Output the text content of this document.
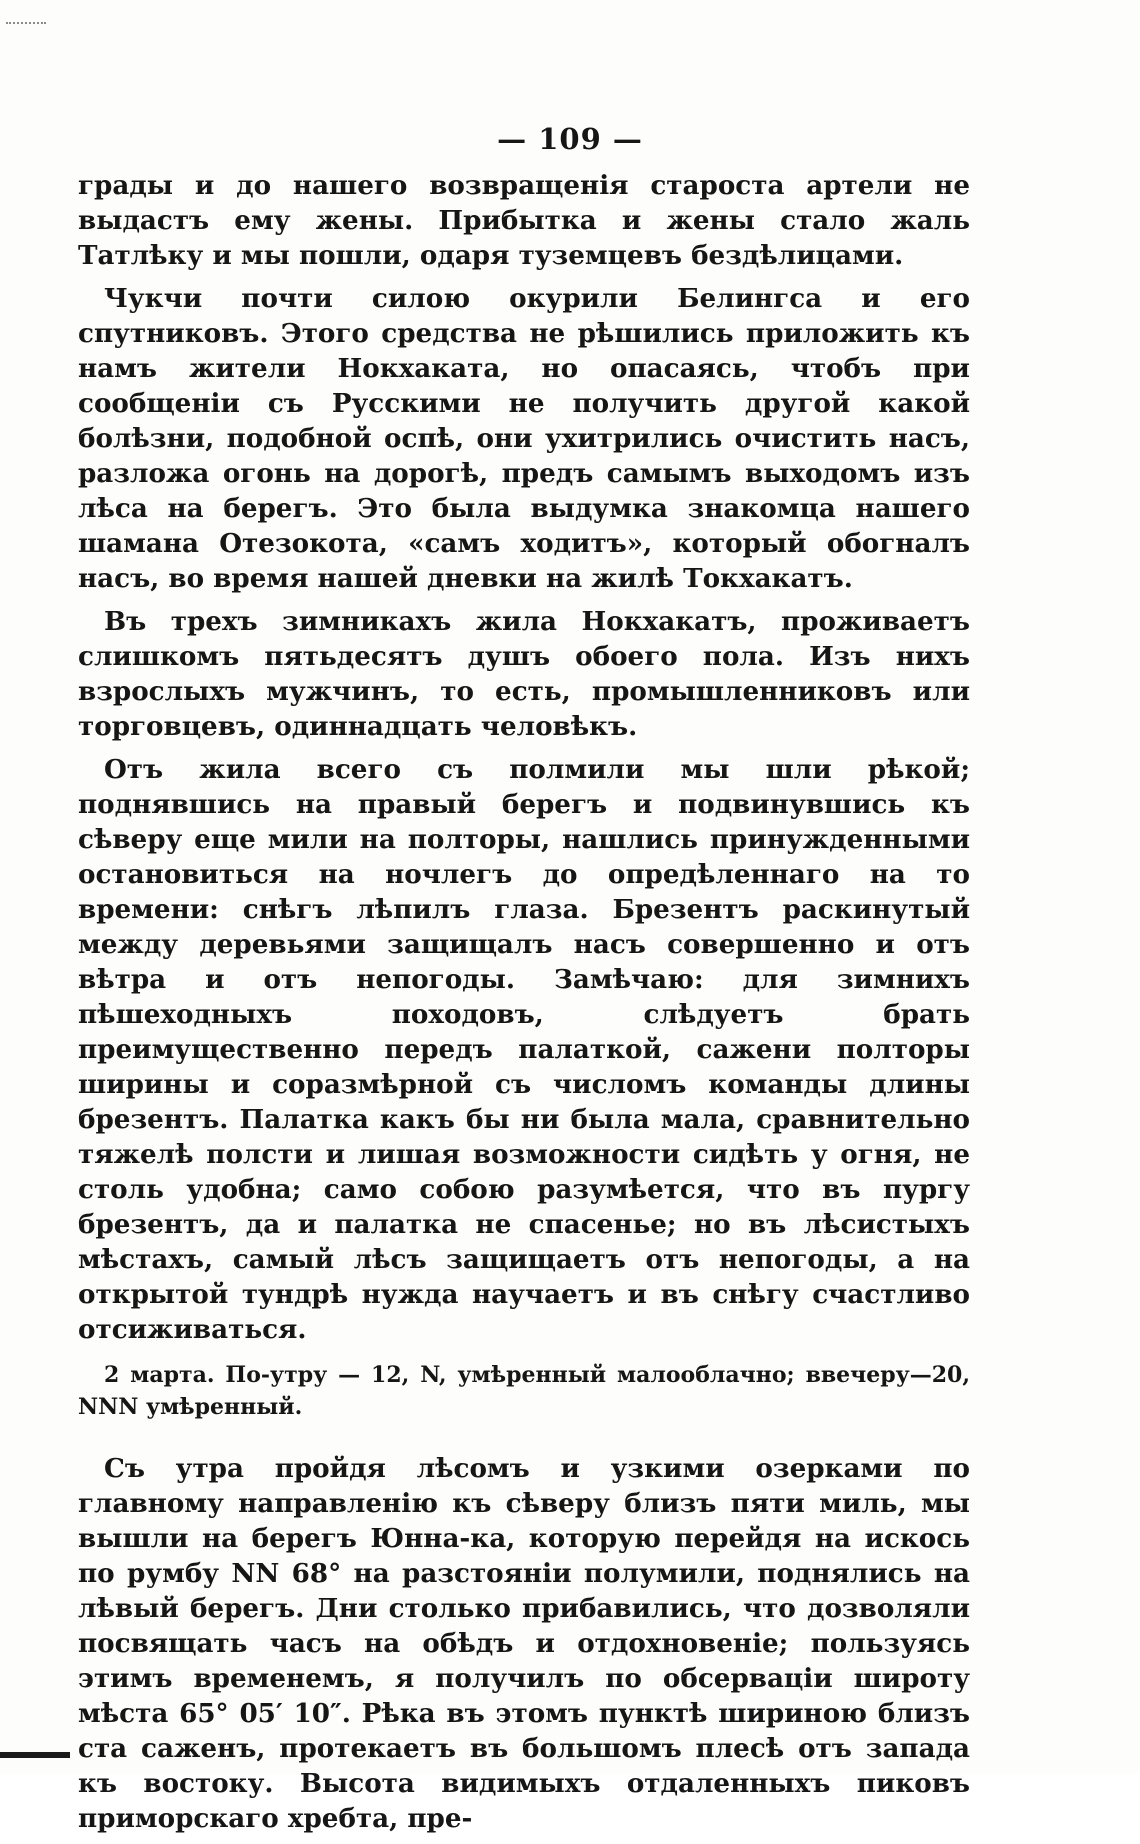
— 109 —

грады и до нашего возвращенія староста артели не выдастъ ему жены. Прибытка и жены стало жаль Татлѣку и мы пошли, одаря туземцевъ бездѣлицами.

Чукчи почти силою окурили Белингса и его спутниковъ. Этого средства не рѣшились приложить къ намъ жители Нокхаката, но опасаясь, чтобъ при сообщеніи съ Русскими не получить другой какой болѣзни, подобной оспѣ, они ухитрились очистить насъ, разложа огонь на дорогѣ, предъ самымъ выходомъ изъ лѣса на берегъ. Это была выдумка знакомца нашего шамана Отезокота, «самъ ходитъ», который обогналъ насъ, во время нашей дневки на жилѣ Токхакатъ.

Въ трехъ зимникахъ жила Нокхакатъ, проживаетъ слишкомъ пятьдесятъ душъ обоего пола. Изъ нихъ взрослыхъ мужчинъ, то есть, промышленниковъ или торговцевъ, одиннадцать человѣкъ.

Отъ жила всего съ полмили мы шли рѣкой; поднявшись на правый берегъ и подвинувшись къ сѣверу еще мили на полторы, нашлись принужденными остановиться на ночлегъ до опредѣленнаго на то времени: снѣгъ лѣпилъ глаза. Брезентъ раскинутый между деревьями защищалъ насъ совершенно и отъ вѣтра и отъ непогоды. Замѣчаю: для зимнихъ пѣшеходныхъ походовъ, слѣдуетъ брать преимущественно передъ палаткой, сажени полторы ширины и соразмѣрной съ числомъ команды длины брезентъ. Палатка какъ бы ни была мала, сравнительно тяжелѣ полсти и лишая возможности сидѣть у огня, не столь удобна; само собою разумѣется, что въ пургу брезентъ, да и палатка не спасенье; но въ лѣсистыхъ мѣстахъ, самый лѣсъ защищаетъ отъ непогоды, а на открытой тундрѣ нужда научаетъ и въ снѣгу счастливо отсиживаться.

2 марта. По-утру — 12, N, умѣренный малооблачно; ввечеру—20, NNN умѣренный.

Съ утра пройдя лѣсомъ и узкими озерками по главному направленію къ сѣверу близъ пяти миль, мы вышли на берегъ Юнна-ка, которую перейдя на искось по румбу NN 68° на разстояніи полумили, поднялись на лѣвый берегъ. Дни столько прибавились, что дозволяли посвящать часъ на обѣдъ и отдохновеніе; пользуясь этимъ временемъ, я получилъ по обсерваціи широту мѣста 65° 05′ 10″. Рѣка въ этомъ пунктѣ шириною близъ ста саженъ, протекаетъ въ большомъ плесѣ отъ запада къ востоку. Высота видимыхъ отдаленныхъ пиковъ приморскаго хребта, пре-
